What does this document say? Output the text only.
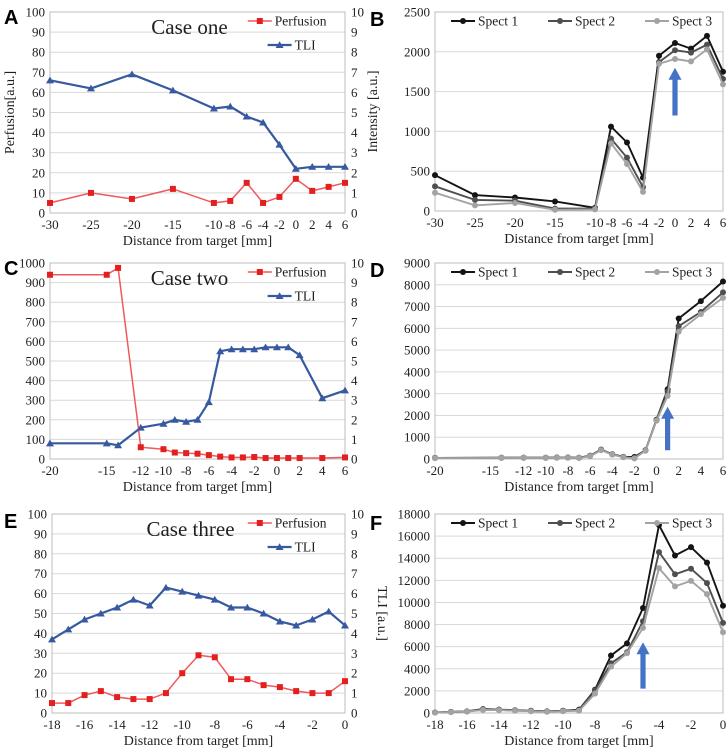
0
10
20
30
40
50
60
70
80
90
100
0
1
2
3
4
5
6
7
8
9
10
-30 -25 -20 -15 -10 -8 -6 -4 -2 0 2 4 6
Distance from target [mm]
Perfusion[a.u.]
Case one	Perfusion
TLI
A
0
500
1000
1500
2000
2500
-30 -25 -20 -15 -10 -8 -6 -4 -2 0 2 4 6
Distance from target [mm]
Intensity [a.u.]
Spect 1	Spect 2	Spect 3
B
0
100
200
300
400
500
600
700
800
900
1000
0
1
2
3
4
5
6
7
8
9
10
-20	-15 -12 -10 -8 -6 -4 -2 0 2 4 6
Distance from target [mm]
Case two	Perfusion
TLI
C
0
1000
2000
3000
4000
5000
6000
7000
8000
9000
-20	-15 -12 -10 -8 -6 -4 -2 0 2 4 6
Distance from target [mm]
Spect 1	Spect 2	Spect 3
D
0
10
20
30
40
50
60
70
80
90
100
0
1
2
3
4
5
6
7
8
9
10
-18 -16 -14 -12 -10 -8 -6 -4 -2 0
Distance from target [mm]
TLI [a.u.]
Case three	Perfusion
TLI
E
0
2000
4000
6000
8000
10000
12000
14000
16000
18000
-18 -16 -14 -12 -10 -8 -6 -4 -2 0
Distance from target [mm]
Spect 1	Spect 2	Spect 3
F
